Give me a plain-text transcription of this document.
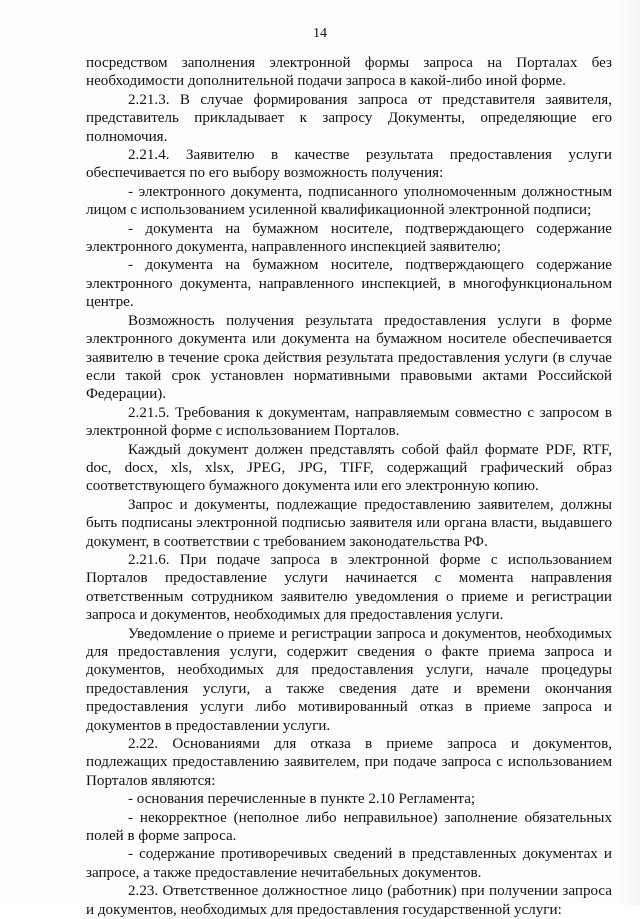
14

посредством заполнения электронной формы запроса на Порталах без необходимости дополнительной подачи запроса в какой-либо иной форме.

2.21.3. В случае формирования запроса от представителя заявителя, представитель прикладывает к запросу Документы, определяющие его полномочия.

2.21.4. Заявителю в качестве результата предоставления услуги обеспечивается по его выбору возможность получения:

- электронного документа, подписанного уполномоченным должностным лицом с использованием усиленной квалификационной электронной подписи;

- документа на бумажном носителе, подтверждающего содержание электронного документа, направленного инспекцией заявителю;

- документа на бумажном носителе, подтверждающего содержание электронного документа, направленного инспекцией, в многофункциональном центре.

Возможность получения результата предоставления услуги в форме электронного документа или документа на бумажном носителе обеспечивается заявителю в течение срока действия результата предоставления услуги (в случае если такой срок установлен нормативными правовыми актами Российской Федерации).

2.21.5. Требования к документам, направляемым совместно с запросом в электронной форме с использованием Порталов.

Каждый документ должен представлять собой файл формате PDF, RTF, doc, docx, xls, xlsx, JPEG, JPG, TIFF, содержащий графический образ соответствующего бумажного документа или его электронную копию.

Запрос и документы, подлежащие предоставлению заявителем, должны быть подписаны электронной подписью заявителя или органа власти, выдавшего документ, в соответствии с требованием законодательства РФ.

2.21.6. При подаче запроса в электронной форме с использованием Порталов предоставление услуги начинается с момента направления ответственным сотрудником заявителю уведомления о приеме и регистрации запроса и документов, необходимых для предоставления услуги.

Уведомление о приеме и регистрации запроса и документов, необходимых для предоставления услуги, содержит сведения о факте приема запроса и документов, необходимых для предоставления услуги, начале процедуры предоставления услуги, а также сведения дате и времени окончания предоставления услуги либо мотивированный отказ в приеме запроса и документов в предоставлении услуги.

2.22. Основаниями для отказа в приеме запроса и документов, подлежащих предоставлению заявителем, при подаче запроса с использованием Порталов являются:

- основания перечисленные в пункте 2.10 Регламента;

- некорректное (неполное либо неправильное) заполнение обязательных полей в форме запроса.

- содержание противоречивых сведений в представленных документах и запросе, а также предоставление нечитабельных документов.

2.23. Ответственное должностное лицо (работник) при получении запроса и документов, необходимых для предоставления государственной услуги:
